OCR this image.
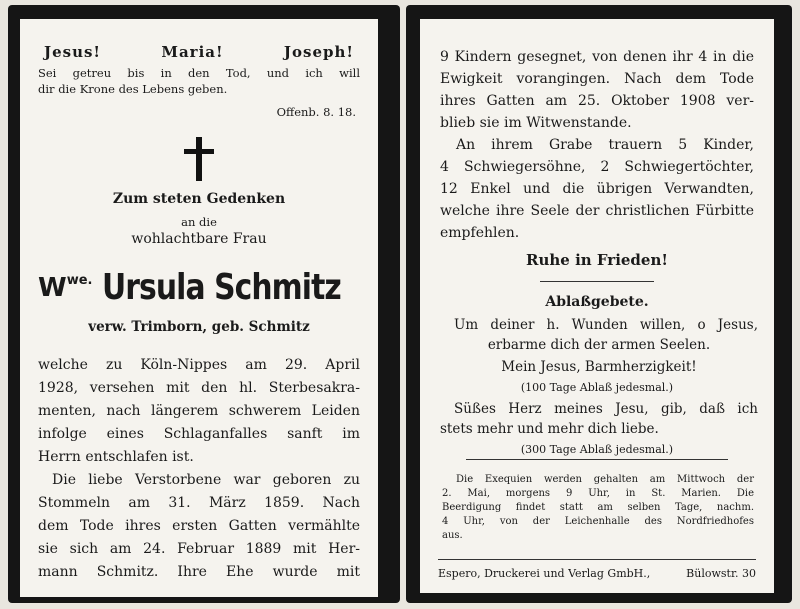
Jesus!	Maria!	Joseph!
Sei getreu bis in den Tod, und ich will
dir die Krone des Lebens geben.
Offenb. 8. 18.
Zum steten Gedenken
an die
wohlachtbare Frau
$W^{we.}$ Ursula Schmitz
verw. Trimborn, geb. Schmitz
welche zu Köln-Nippes am 29. April
1928, versehen mit den hl. Sterbesakra-
menten, nach längerem schwerem Leiden
infolge eines Schlaganfalles sanft im
Herrn entschlafen ist.
Die liebe Verstorbene war geboren zu
Stommeln am 31. März 1859. Nach
dem Tode ihres ersten Gatten vermählte
sie sich am 24. Februar 1889 mit Her-
mann Schmitz. Ihre Ehe wurde mit
9 Kindern gesegnet, von denen ihr 4 in die
Ewigkeit vorangingen. Nach dem Tode
ihres Gatten am 25. Oktober 1908 ver-
blieb sie im Witwenstande.
An ihrem Grabe trauern 5 Kinder,
4 Schwiegersöhne, 2 Schwiegertöchter,
12 Enkel und die übrigen Verwandten,
welche ihre Seele der christlichen Fürbitte
empfehlen.
Ruhe in Frieden!
Ablaßgebete.
Um deiner h. Wunden willen, o Jesus,
erbarme dich der armen Seelen.
Mein Jesus, Barmherzigkeit!
(100 Tage Ablaß jedesmal.)
Süßes Herz meines Jesu, gib, daß ich
stets mehr und mehr dich liebe.
(300 Tage Ablaß jedesmal.)
Die Exequien werden gehalten am Mittwoch der
2. Mai, morgens 9 Uhr, in St. Marien. Die
Beerdigung findet statt am selben Tage, nachm.
4 Uhr, von der Leichenhalle des Nordfriedhofes
aus.
Espero, Druckerei und Verlag GmbH.,	Bülowstr. 30
